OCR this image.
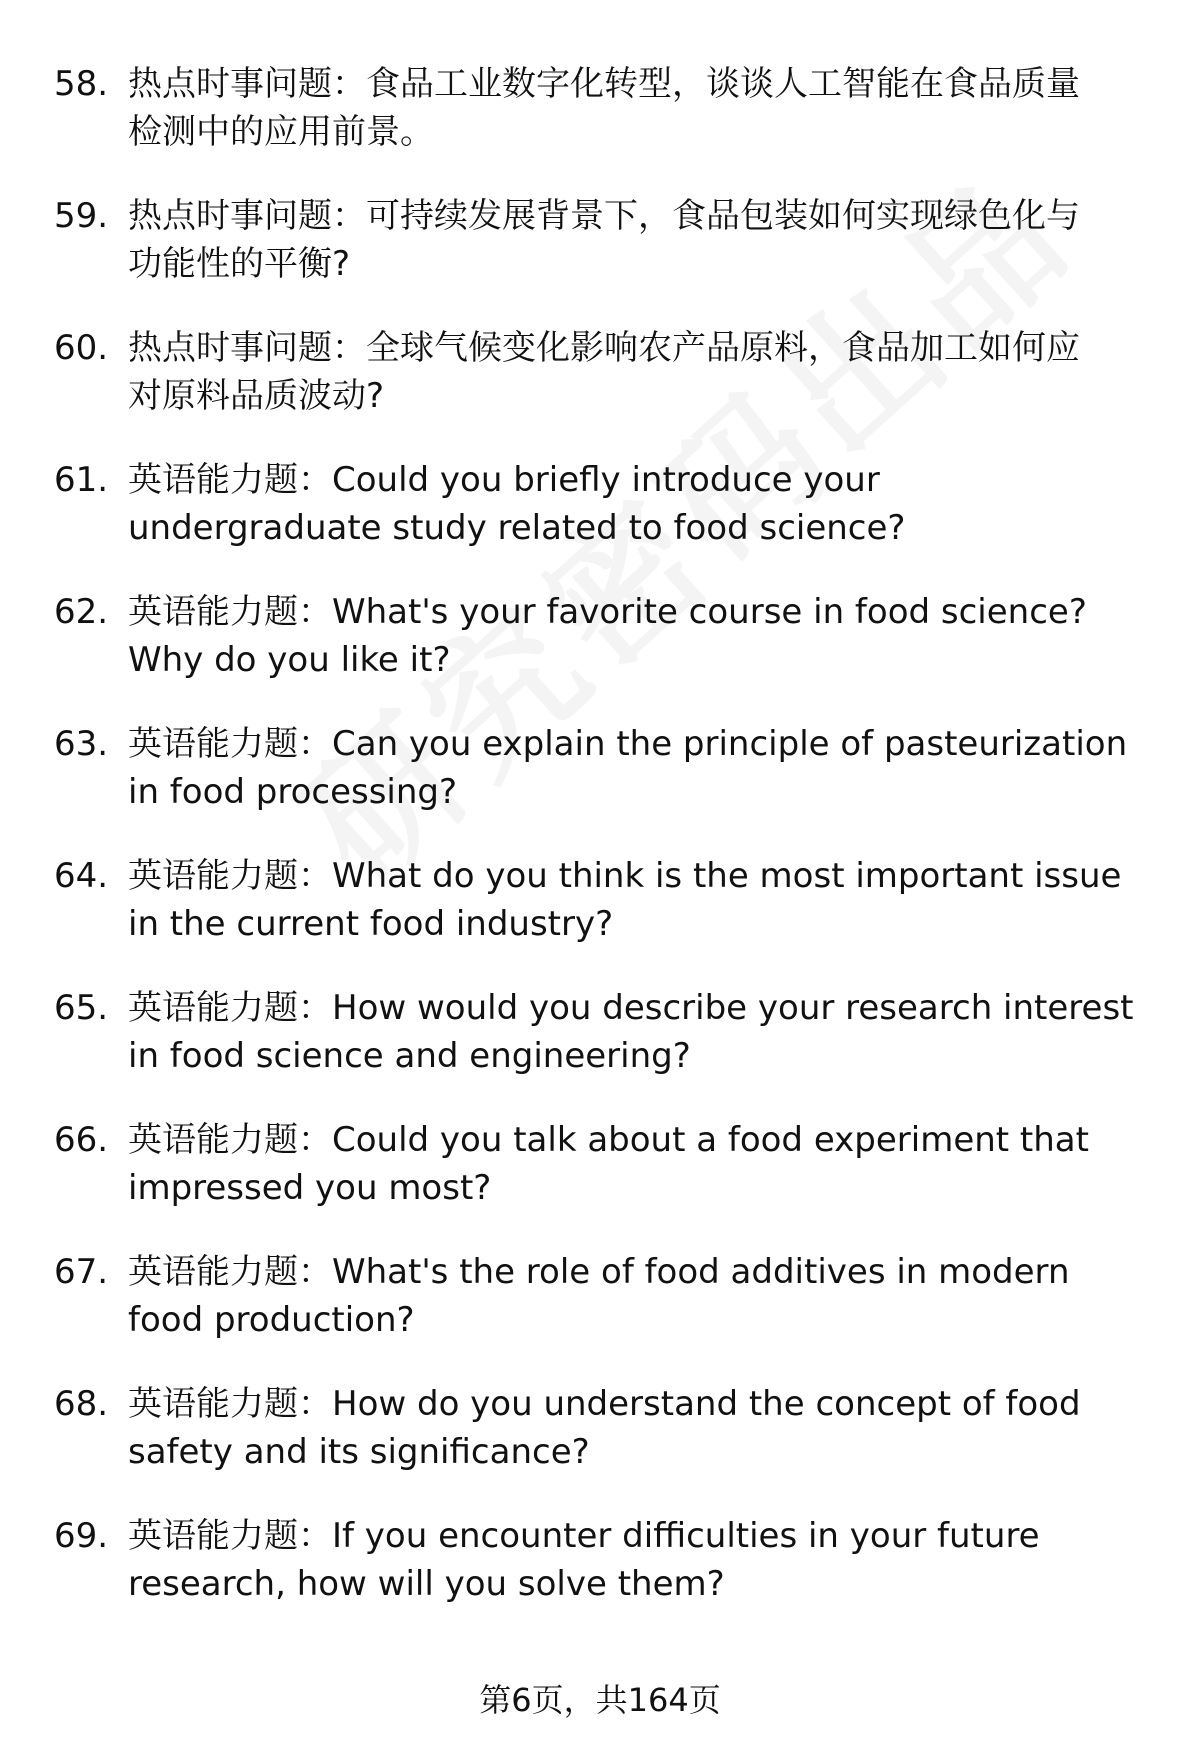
58. 热点时事问题：食品工业数字化转型，谈谈人工智能在食品质量
检测中的应用前景。
59. 热点时事问题：可持续发展背景下，食品包装如何实现绿色化与
功能性的平衡?
60. 热点时事问题：全球气候变化影响农产品原料，食品加工如何应
对原料品质波动?
61. 英语能力题：Could you briefly introduce your
undergraduate study related to food science?
62. 英语能力题：What's your favorite course in food science?
Why do you like it?
63. 英语能力题：Can you explain the principle of pasteurization
in food processing?
64. 英语能力题：What do you think is the most important issue
in the current food industry?
65. 英语能力题：How would you describe your research interest
in food science and engineering?
66. 英语能力题：Could you talk about a food experiment that
impressed you most?
67. 英语能力题：What's the role of food additives in modern
food production?
68. 英语能力题：How do you understand the concept of food
safety and its significance?
69. 英语能力题：If you encounter difficulties in your future
research, how will you solve them?
第6页，共164页
